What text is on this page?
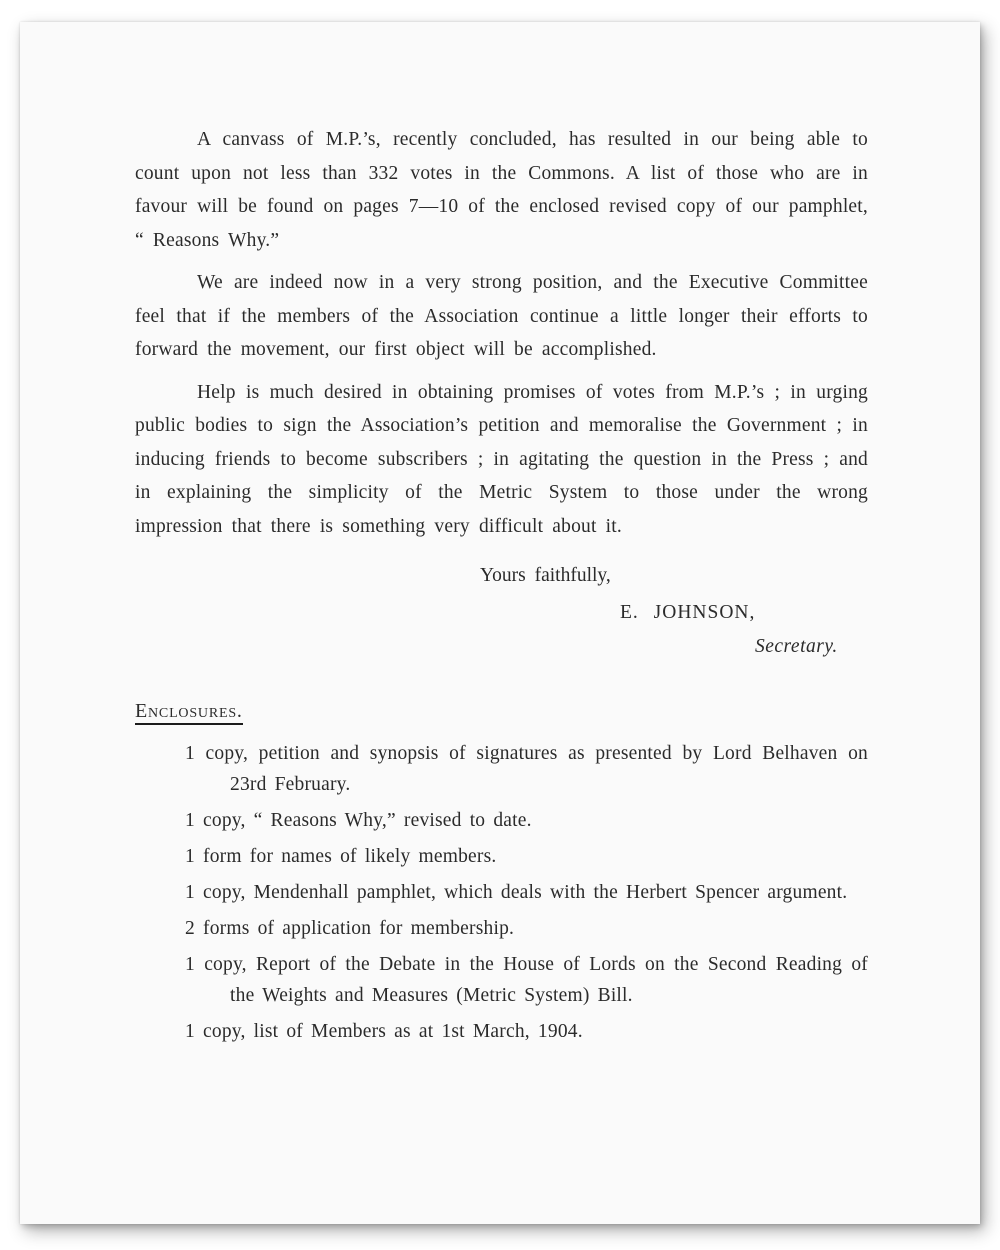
A canvass of M.P.’s, recently concluded, has resulted in our being able to count upon not less than 332 votes in the Commons. A list of those who are in favour will be found on pages 7—10 of the enclosed revised copy of our pamphlet, “ Reasons Why.”

We are indeed now in a very strong position, and the Executive Committee feel that if the members of the Association continue a little longer their efforts to forward the movement, our first object will be accomplished.

Help is much desired in obtaining promises of votes from M.P.’s ; in urging public bodies to sign the Association’s petition and memoralise the Government ; in inducing friends to become subscribers ; in agitating the question in the Press ; and in explaining the simplicity of the Metric System to those under the wrong impression that there is something very difficult about it.

Yours faithfully,
E. JOHNSON,
Secretary.
Enclosures.
1 copy, petition and synopsis of signatures as presented by Lord Belhaven on 23rd February.
1 copy, “ Reasons Why,” revised to date.
1 form for names of likely members.
1 copy, Mendenhall pamphlet, which deals with the Herbert Spencer argument.
2 forms of application for membership.
1 copy, Report of the Debate in the House of Lords on the Second Reading of the Weights and Measures (Metric System) Bill.
1 copy, list of Members as at 1st March, 1904.
